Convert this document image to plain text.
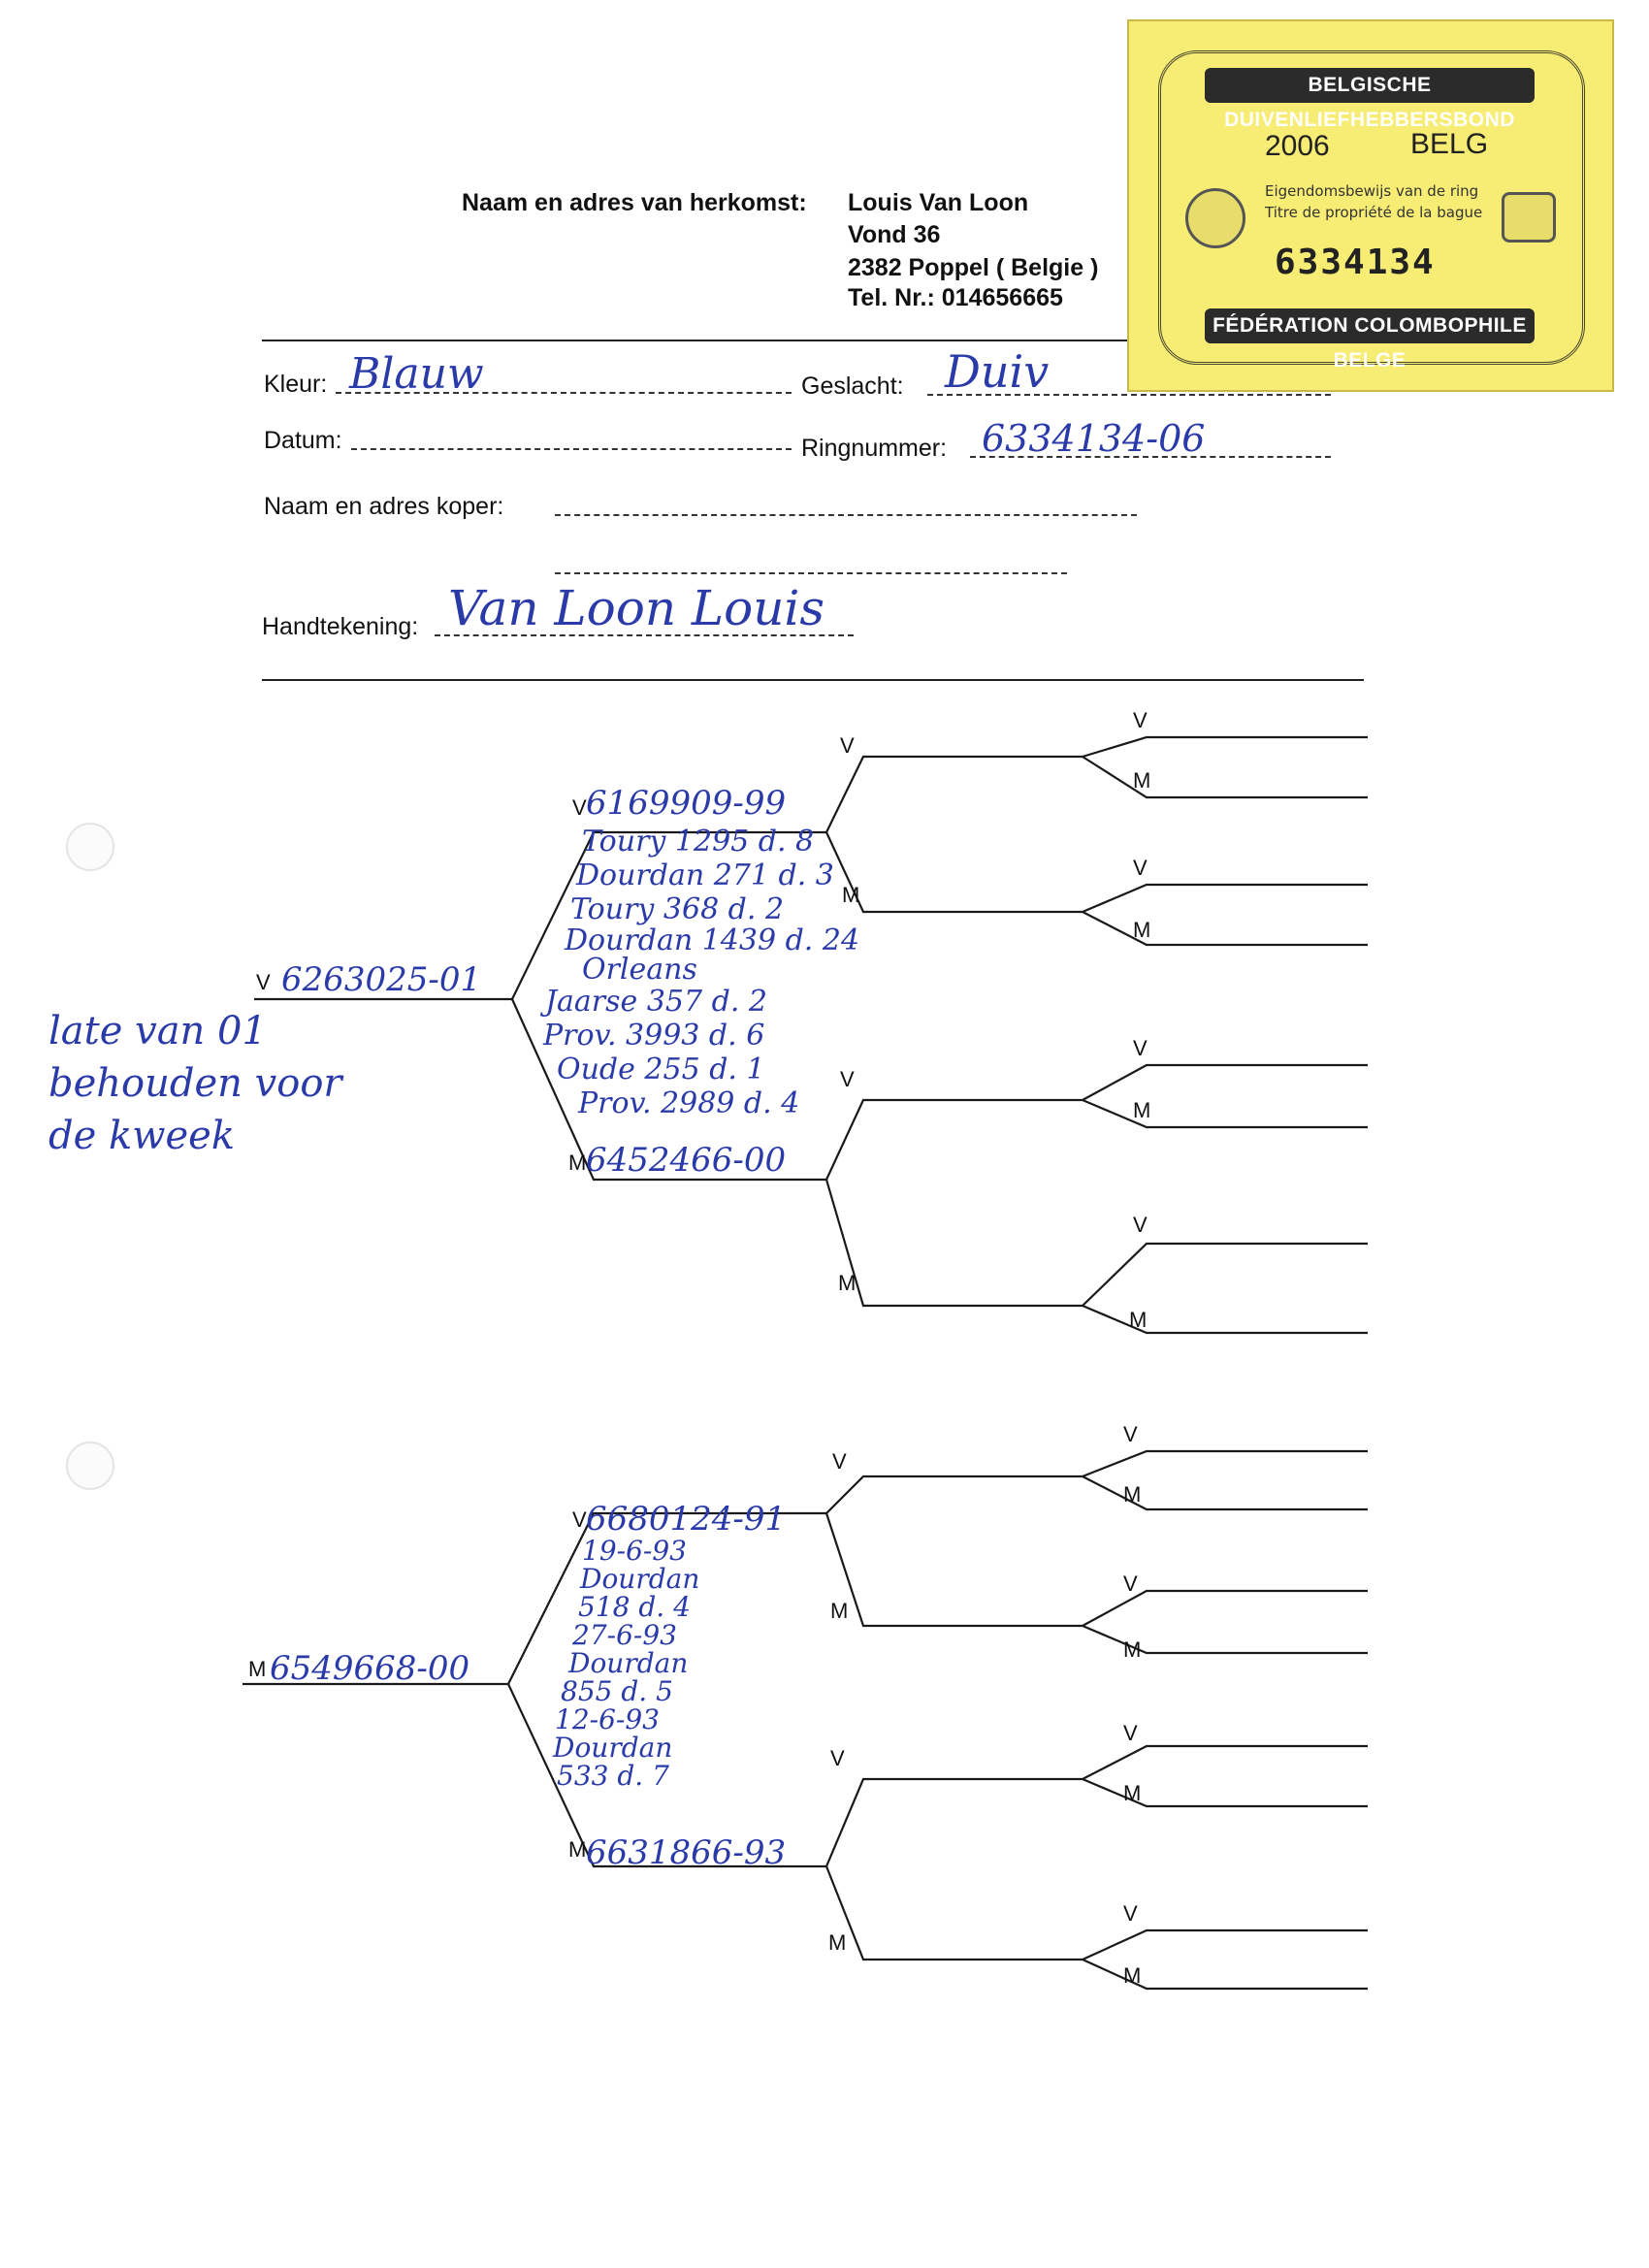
Naam en adres van herkomst: Louis Van Loon
Vond 36
2382 Poppel ( Belgie )
Tel. Nr.: 014656665
BELGISCHE DUIVENLIEFHEBBERSBOND
2006	BELG
Eigendomsbewijs van de ring
Titre de propriété de la bague
6334134
FÉDÉRATION COLOMBOPHILE BELGE
Kleur: Blauw	Geslacht: Duiv
Datum:	Ringnummer: 6334134-06
Naam en adres koper:
Handtekening: Van Loon Louis
V
V
M
V
M
V
M
V
M
V
M
V
M
V
M
M
V
M
V
M
V
M
V
M
V
M
V
M
V
M
6263025-01
6169909-99
6452466-00
6549668-00
6680124-91
6631866-93
Toury 1295 d. 8
Dourdan 271 d. 3
Toury 368 d. 2
Dourdan 1439 d. 24
Orleans
Jaarse 357 d. 2
Prov. 3993 d. 6
Oude 255 d. 1
Prov. 2989 d. 4
19-6-93
Dourdan
518 d. 4
27-6-93
Dourdan
855 d. 5
12-6-93
Dourdan
533 d. 7
late van 01
behouden voor
de kweek
